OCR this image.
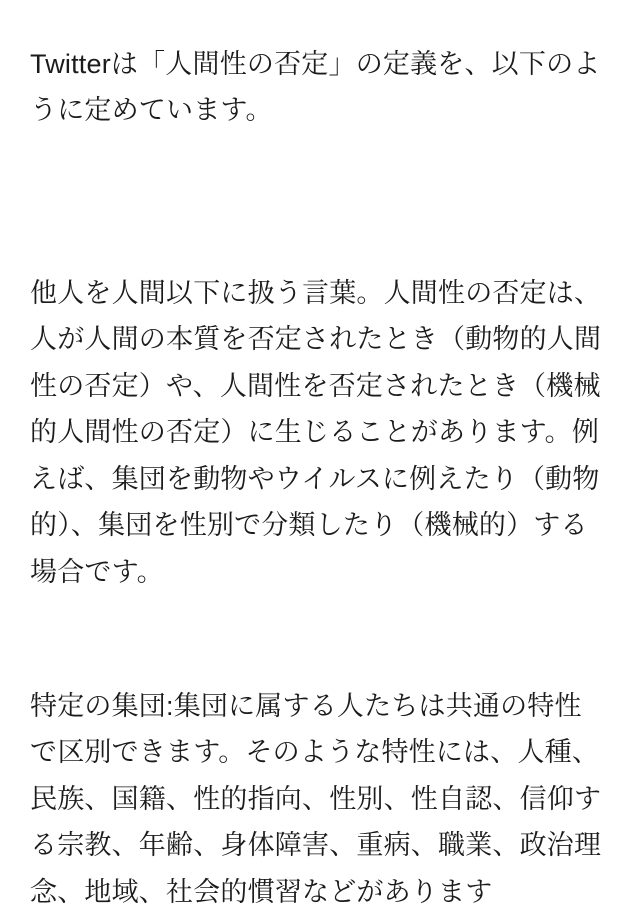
Twitterは「人間性の否定」の定義を、以下のように定めています。

他人を人間以下に扱う言葉。人間性の否定は、人が人間の本質を否定されたとき（動物的人間性の否定）や、人間性を否定されたとき（機械的人間性の否定）に生じることがあります。例えば、集団を動物やウイルスに例えたり（動物的）、集団を性別で分類したり（機械的）する場合です。

特定の集団:集団に属する人たちは共通の特性で区別できます。そのような特性には、人種、民族、国籍、性的指向、性別、性自認、信仰する宗教、年齢、身体障害、重病、職業、政治理念、地域、社会的慣習などがあります
